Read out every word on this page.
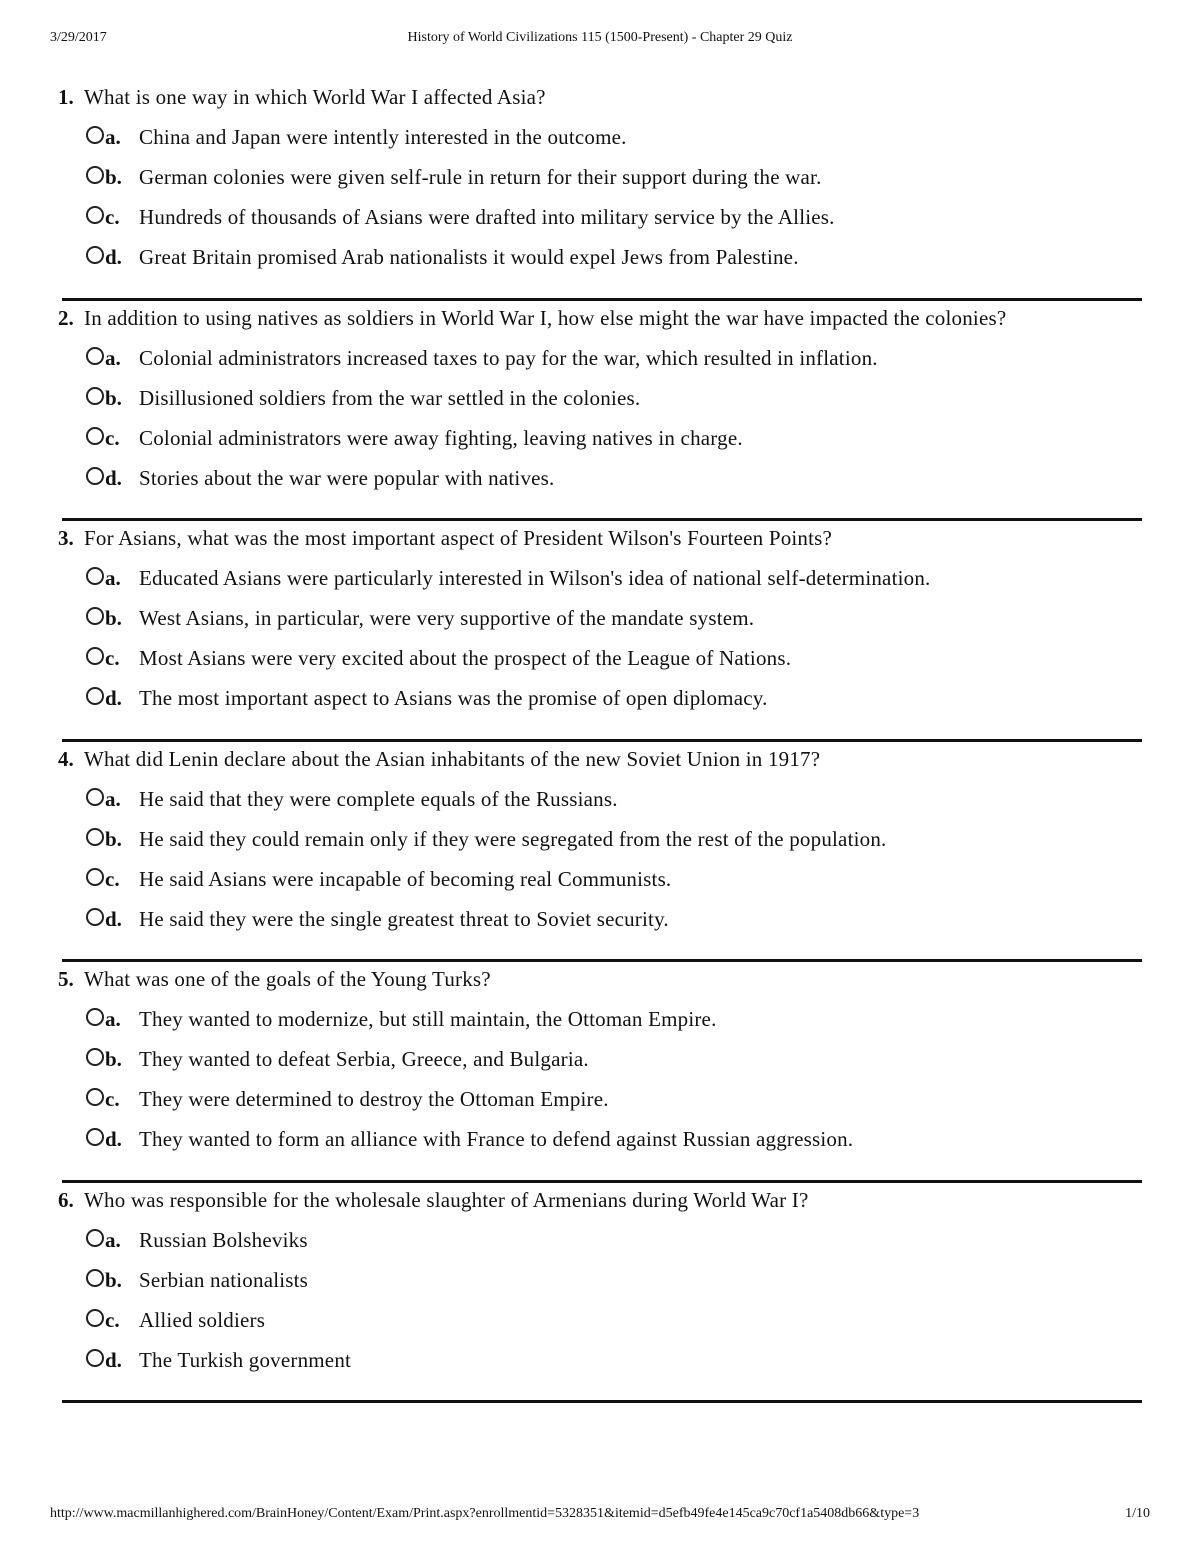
3/29/2017	History of World Civilizations 115 (1500-Present) - Chapter 29 Quiz
1. What is one way in which World War I affected Asia?
a. China and Japan were intently interested in the outcome.
b. German colonies were given self-rule in return for their support during the war.
c. Hundreds of thousands of Asians were drafted into military service by the Allies.
d. Great Britain promised Arab nationalists it would expel Jews from Palestine.
2. In addition to using natives as soldiers in World War I, how else might the war have impacted the colonies?
a. Colonial administrators increased taxes to pay for the war, which resulted in inflation.
b. Disillusioned soldiers from the war settled in the colonies.
c. Colonial administrators were away fighting, leaving natives in charge.
d. Stories about the war were popular with natives.
3. For Asians, what was the most important aspect of President Wilson's Fourteen Points?
a. Educated Asians were particularly interested in Wilson's idea of national self-determination.
b. West Asians, in particular, were very supportive of the mandate system.
c. Most Asians were very excited about the prospect of the League of Nations.
d. The most important aspect to Asians was the promise of open diplomacy.
4. What did Lenin declare about the Asian inhabitants of the new Soviet Union in 1917?
a. He said that they were complete equals of the Russians.
b. He said they could remain only if they were segregated from the rest of the population.
c. He said Asians were incapable of becoming real Communists.
d. He said they were the single greatest threat to Soviet security.
5. What was one of the goals of the Young Turks?
a. They wanted to modernize, but still maintain, the Ottoman Empire.
b. They wanted to defeat Serbia, Greece, and Bulgaria.
c. They were determined to destroy the Ottoman Empire.
d. They wanted to form an alliance with France to defend against Russian aggression.
6. Who was responsible for the wholesale slaughter of Armenians during World War I?
a. Russian Bolsheviks
b. Serbian nationalists
c. Allied soldiers
d. The Turkish government
http://www.macmillanhighered.com/BrainHoney/Content/Exam/Print.aspx?enrollmentid=5328351&itemid=d5efb49fe4e145ca9c70cf1a5408db66&type=3	1/10
